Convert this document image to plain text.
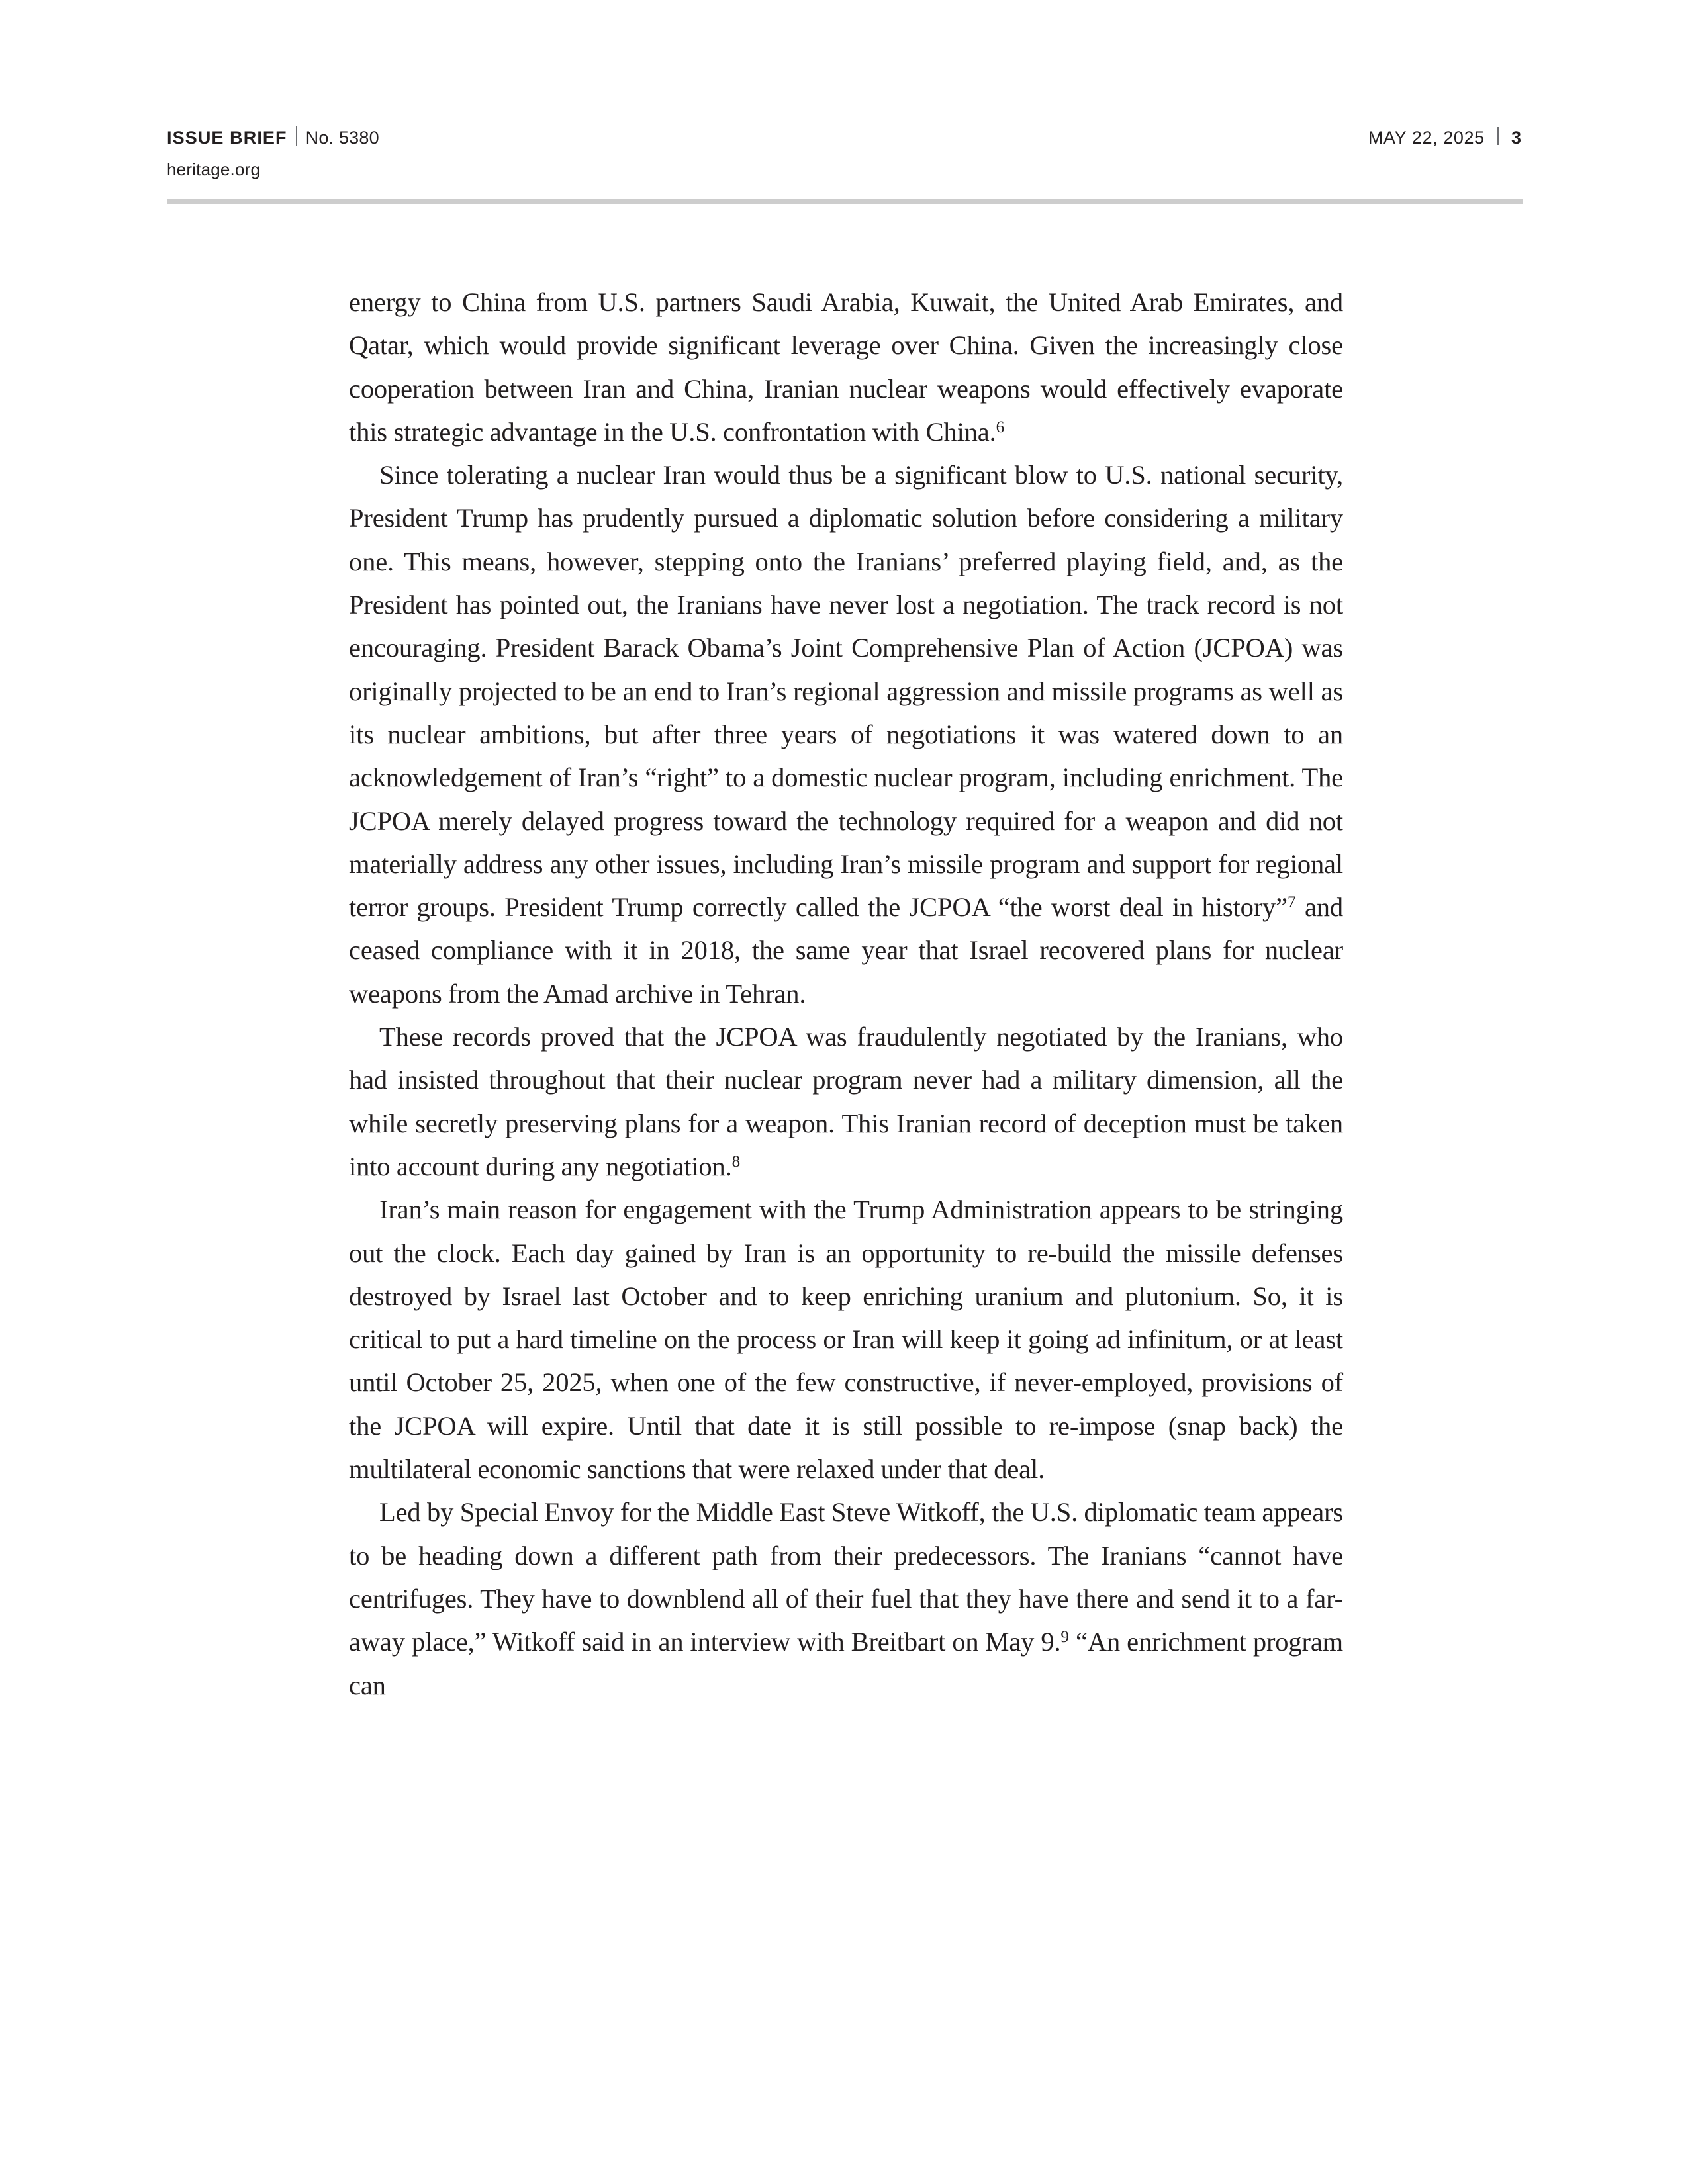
ISSUE BRIEF No. 5380	MAY 22, 2025 3
heritage.org

energy to China from U.S. partners Saudi Arabia, Kuwait, the United Arab Emirates, and Qatar, which would provide significant leverage over China. Given the increasingly close cooperation between Iran and China, Iranian nuclear weapons would effectively evaporate this strategic advantage in the U.S. confrontation with China.$^6$

Since tolerating a nuclear Iran would thus be a significant blow to U.S. national security, President Trump has prudently pursued a diplomatic solution before considering a military one. This means, however, stepping onto the Iranians’ preferred playing field, and, as the President has pointed out, the Iranians have never lost a negotiation. The track record is not encouraging. President Barack Obama’s Joint Comprehensive Plan of Action (JCPOA) was originally projected to be an end to Iran’s regional aggression and missile programs as well as its nuclear ambitions, but after three years of negotiations it was watered down to an acknowledgement of Iran’s “right” to a domestic nuclear program, including enrichment. The JCPOA merely delayed progress toward the technology required for a weapon and did not materially address any other issues, including Iran’s missile program and support for regional terror groups. President Trump correctly called the JCPOA “the worst deal in history”$^7$ and ceased compliance with it in 2018, the same year that Israel recovered plans for nuclear weapons from the Amad archive in Tehran.

These records proved that the JCPOA was fraudulently negotiated by the Iranians, who had insisted throughout that their nuclear program never had a military dimension, all the while secretly preserving plans for a weapon. This Iranian record of deception must be taken into account during any negotiation.$^8$

Iran’s main reason for engagement with the Trump Administration appears to be stringing out the clock. Each day gained by Iran is an opportunity to re-build the missile defenses destroyed by Israel last October and to keep enriching uranium and plutonium. So, it is critical to put a hard timeline on the process or Iran will keep it going ad infinitum, or at least until October 25, 2025, when one of the few constructive, if never-employed, provisions of the JCPOA will expire. Until that date it is still possible to re-impose (snap back) the multilateral economic sanctions that were relaxed under that deal.

Led by Special Envoy for the Middle East Steve Witkoff, the U.S. diplomatic team appears to be heading down a different path from their predecessors. The Iranians “cannot have centrifuges. They have to downblend all of their fuel that they have there and send it to a far-away place,” Witkoff said in an interview with Breitbart on May 9.$^9$ “An enrichment program can
